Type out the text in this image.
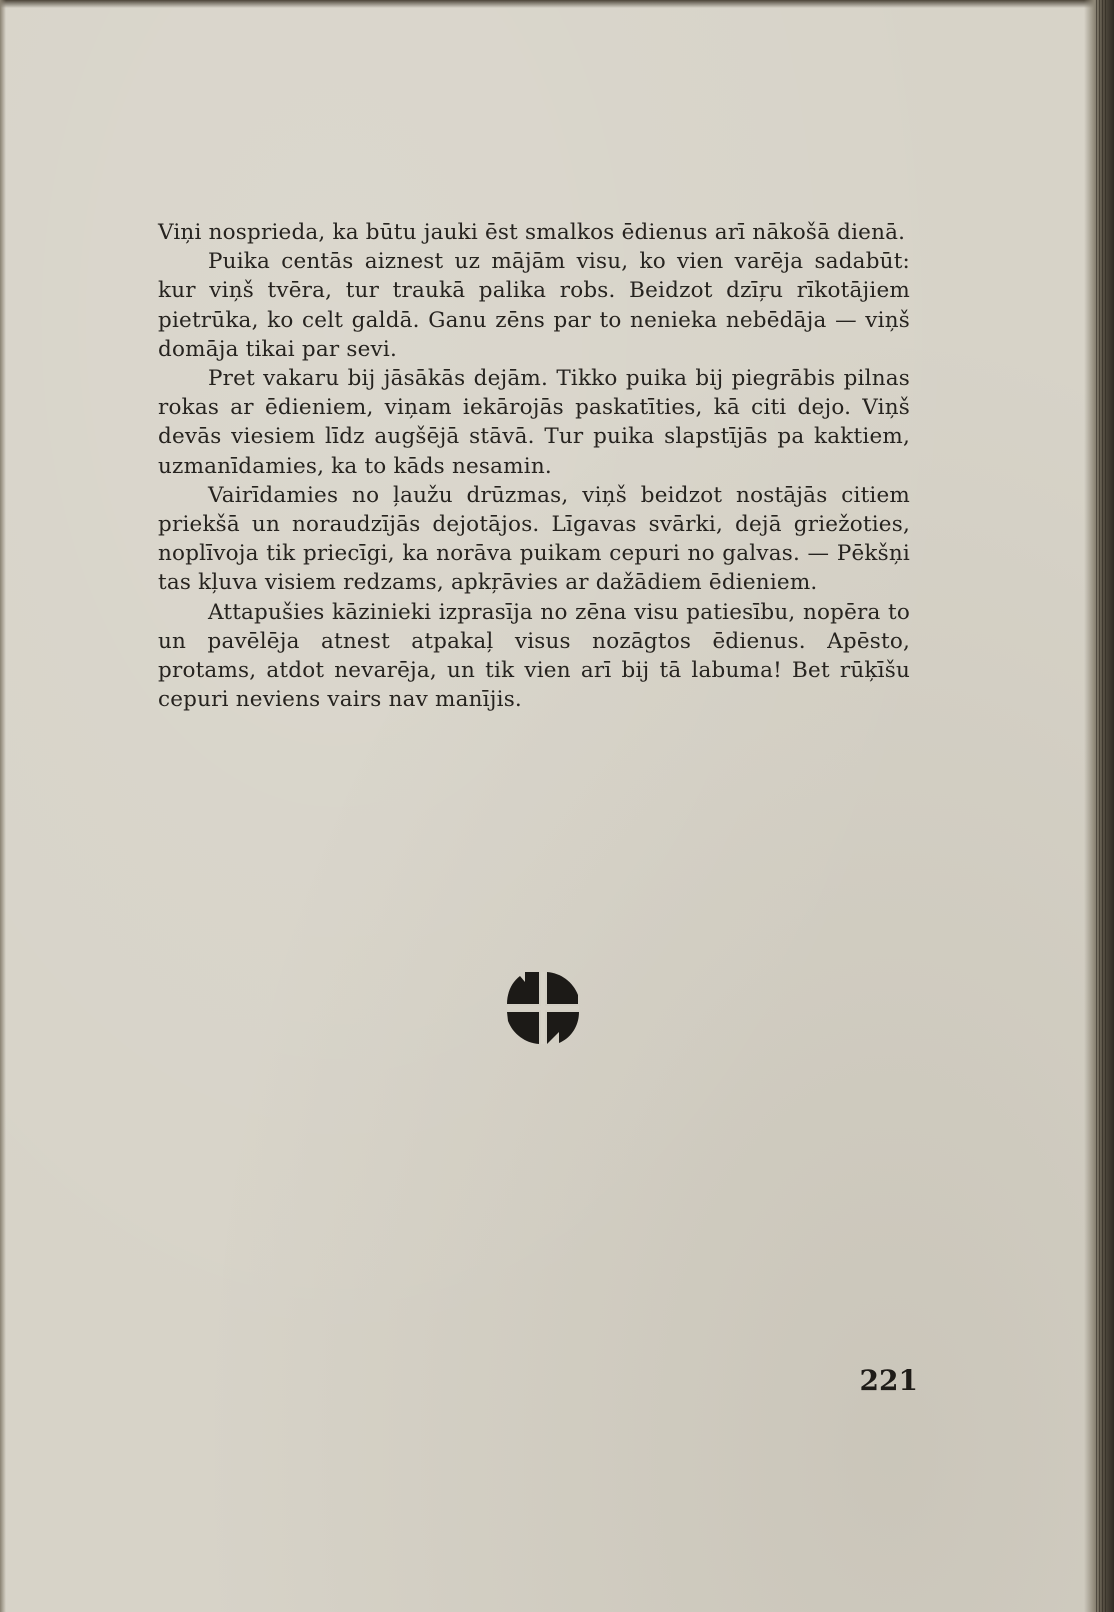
Viņi nosprieda, ka būtu jauki ēst smalkos ēdienus arī nākošā dienā.

Puika centās aiznest uz mājām visu, ko vien varēja sadabūt: kur viņš tvēra, tur traukā palika robs. Beidzot dzīŗu rīkotājiem pietrūka, ko celt galdā. Ganu zēns par to nenieka nebēdāja — viņš domāja tikai par sevi.

Pret vakaru bij jāsākās dejām. Tikko puika bij piegrābis pilnas rokas ar ēdieniem, viņam iekārojās paskatīties, kā citi dejo. Viņš devās viesiem līdz augšējā stāvā. Tur puika slapstījās pa kaktiem, uzmanīdamies, ka to kāds nesamin.

Vairīdamies no ļaužu drūzmas, viņš beidzot nostājās citiem priekšā un noraudzījās dejotājos. Līgavas svārki, dejā griežoties, noplīvoja tik priecīgi, ka norāva puikam cepuri no galvas. — Pēkšņi tas kļuva visiem redzams, apkŗāvies ar dažādiem ēdieniem.

Attapušies kāzinieki izprasīja no zēna visu patiesību, nopēra to un pavēlēja atnest atpakaļ visus nozāgtos ēdienus. Apēsto, protams, atdot nevarēja, un tik vien arī bij tā labuma! Bet rūķīšu cepuri neviens vairs nav manījis.

221
